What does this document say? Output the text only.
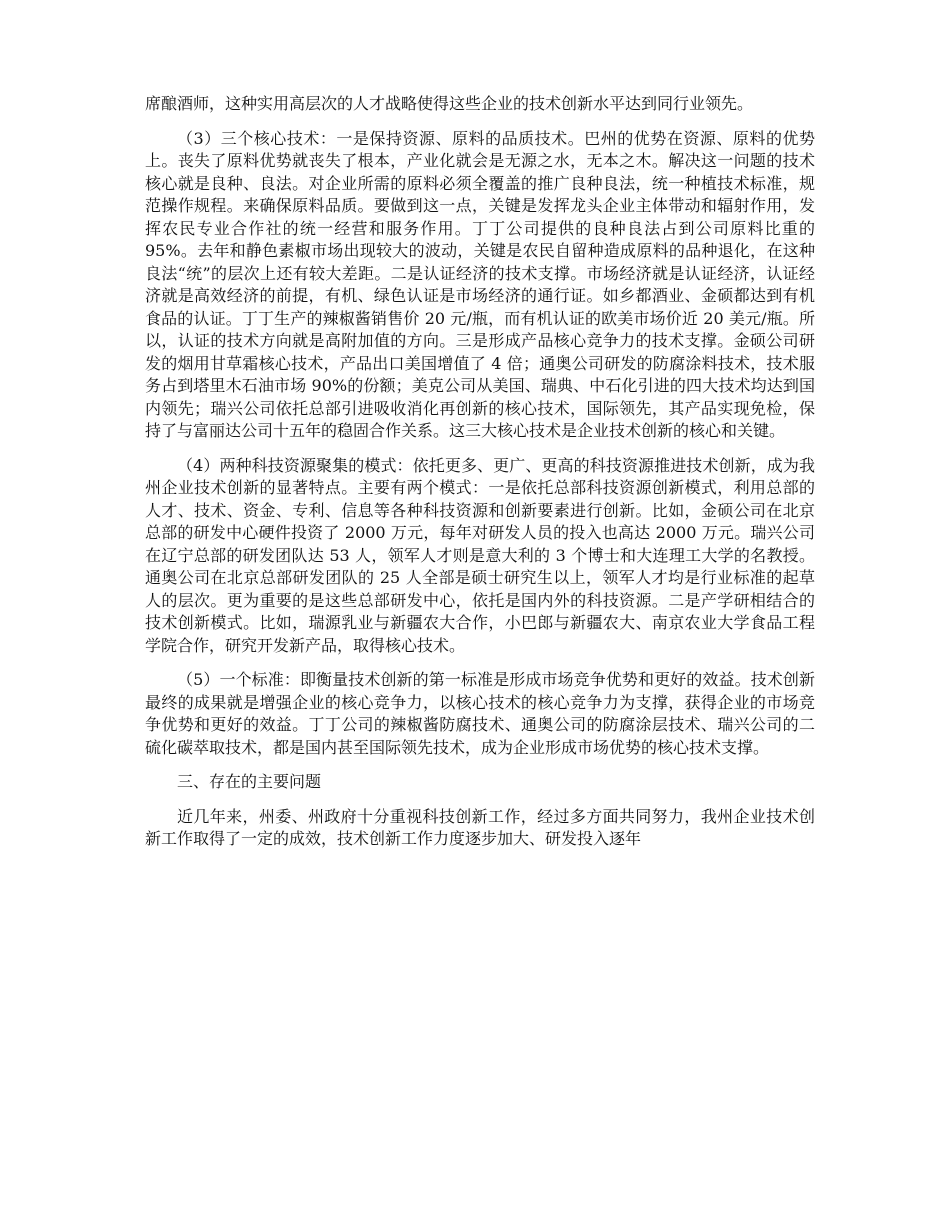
席酿酒师，这种实用高层次的人才战略使得这些企业的技术创新水平达到同行业领先。

（3）三个核心技术：一是保持资源、原料的品质技术。巴州的优势在资源、原料的优势上。丧失了原料优势就丧失了根本，产业化就会是无源之水，无本之木。解决这一问题的技术核心就是良种、良法。对企业所需的原料必须全覆盖的推广良种良法，统一种植技术标准，规范操作规程。来确保原料品质。要做到这一点，关键是发挥龙头企业主体带动和辐射作用，发挥农民专业合作社的统一经营和服务作用。丁丁公司提供的良种良法占到公司原料比重的 95%。去年和静色素椒市场出现较大的波动，关键是农民自留种造成原料的品种退化，在这种良法“统”的层次上还有较大差距。二是认证经济的技术支撑。市场经济就是认证经济，认证经济就是高效经济的前提，有机、绿色认证是市场经济的通行证。如乡都酒业、金硕都达到有机食品的认证。丁丁生产的辣椒酱销售价 20 元/瓶，而有机认证的欧美市场价近 20 美元/瓶。所以，认证的技术方向就是高附加值的方向。三是形成产品核心竞争力的技术支撑。金硕公司研发的烟用甘草霜核心技术，产品出口美国增值了 4 倍；通奥公司研发的防腐涂料技术，技术服务占到塔里木石油市场 90%的份额；美克公司从美国、瑞典、中石化引进的四大技术均达到国内领先；瑞兴公司依托总部引进吸收消化再创新的核心技术，国际领先，其产品实现免检，保持了与富丽达公司十五年的稳固合作关系。这三大核心技术是企业技术创新的核心和关键。

（4）两种科技资源聚集的模式：依托更多、更广、更高的科技资源推进技术创新，成为我州企业技术创新的显著特点。主要有两个模式：一是依托总部科技资源创新模式，利用总部的人才、技术、资金、专利、信息等各种科技资源和创新要素进行创新。比如，金硕公司在北京总部的研发中心硬件投资了 2000 万元，每年对研发人员的投入也高达 2000 万元。瑞兴公司在辽宁总部的研发团队达 53 人，领军人才则是意大利的 3 个博士和大连理工大学的名教授。通奥公司在北京总部研发团队的 25 人全部是硕士研究生以上，领军人才均是行业标准的起草人的层次。更为重要的是这些总部研发中心，依托是国内外的科技资源。二是产学研相结合的技术创新模式。比如，瑞源乳业与新疆农大合作，小巴郎与新疆农大、南京农业大学食品工程学院合作，研究开发新产品，取得核心技术。

（5）一个标准：即衡量技术创新的第一标准是形成市场竞争优势和更好的效益。技术创新最终的成果就是增强企业的核心竞争力，以核心技术的核心竞争力为支撑，获得企业的市场竞争优势和更好的效益。丁丁公司的辣椒酱防腐技术、通奥公司的防腐涂层技术、瑞兴公司的二硫化碳萃取技术，都是国内甚至国际领先技术，成为企业形成市场优势的核心技术支撑。

三、存在的主要问题

近几年来，州委、州政府十分重视科技创新工作，经过多方面共同努力，我州企业技术创新工作取得了一定的成效，技术创新工作力度逐步加大、研发投入逐年
